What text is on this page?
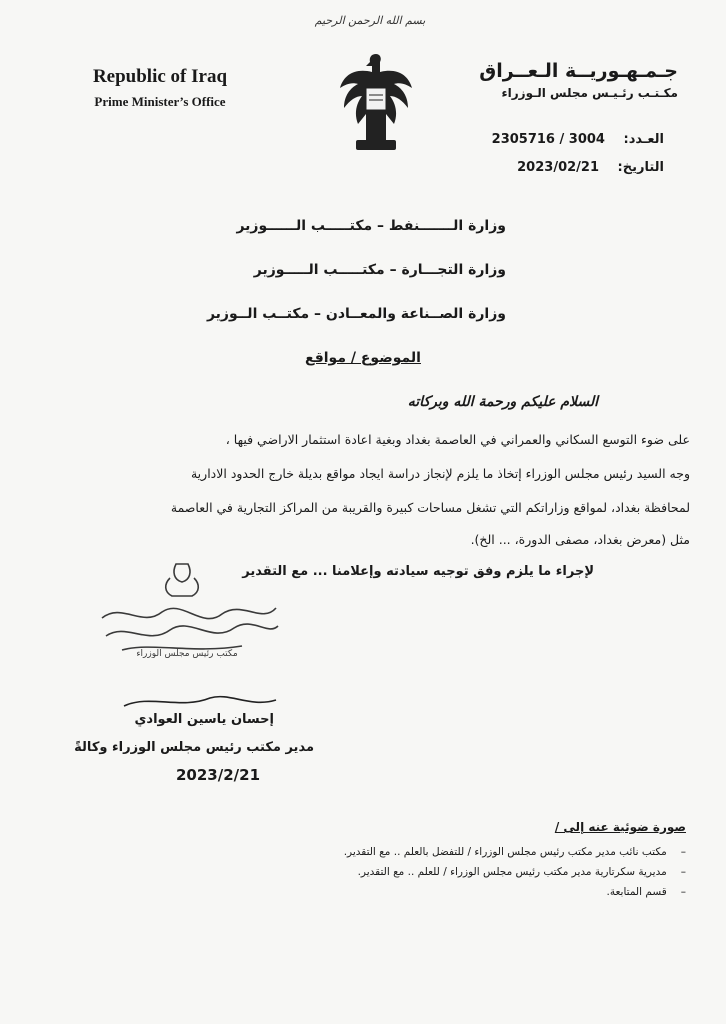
بسم الله الرحمن الرحيم
Republic of Iraq
Prime Minister’s Office
جـمـهـوريــة الـعــراق
مكـتـب رئـيـس مجلس الـوزراء
العـدد: 2305716 / 3004
التاريخ: 2023/02/21
وزارة الـــــــنفط – مكتـــــب الــــــوزير
وزارة التجـــارة – مكتـــــب الـــــوزير
وزارة الصــناعة والمعــادن – مكتــب الــوزير
الموضوع / مواقع
السلام عليكم ورحمة الله وبركاته
على ضوء التوسع السكاني والعمراني في العاصمة بغداد وبغية اعادة استثمار الاراضي فيها ،
وجه السيد رئيس مجلس الوزراء إتخاذ ما يلزم لإنجاز دراسة ايجاد مواقع بديلة خارج الحدود الادارية
لمحافظة بغداد، لمواقع وزاراتكم التي تشغل مساحات كبيرة والقريبة من المراكز التجارية في العاصمة
مثل (معرض بغداد، مصفى الدورة، ... الخ).
مكتب رئيس مجلس الوزراء
لإجراء ما يلزم وفق توجيه سيادته وإعلامنا ... مع التقدير
إحسان ياسين العوادي
مدير مكتب رئيس مجلس الوزراء وكالةً
2023/2/21
صورة ضوئية عنه إلى /
–مكتب نائب مدير مكتب رئيس مجلس الوزراء / للتفضل بالعلم .. مع التقدير.
–مديرية سكرتارية مدير مكتب رئيس مجلس الوزراء / للعلم .. مع التقدير.
–قسم المتابعة.
